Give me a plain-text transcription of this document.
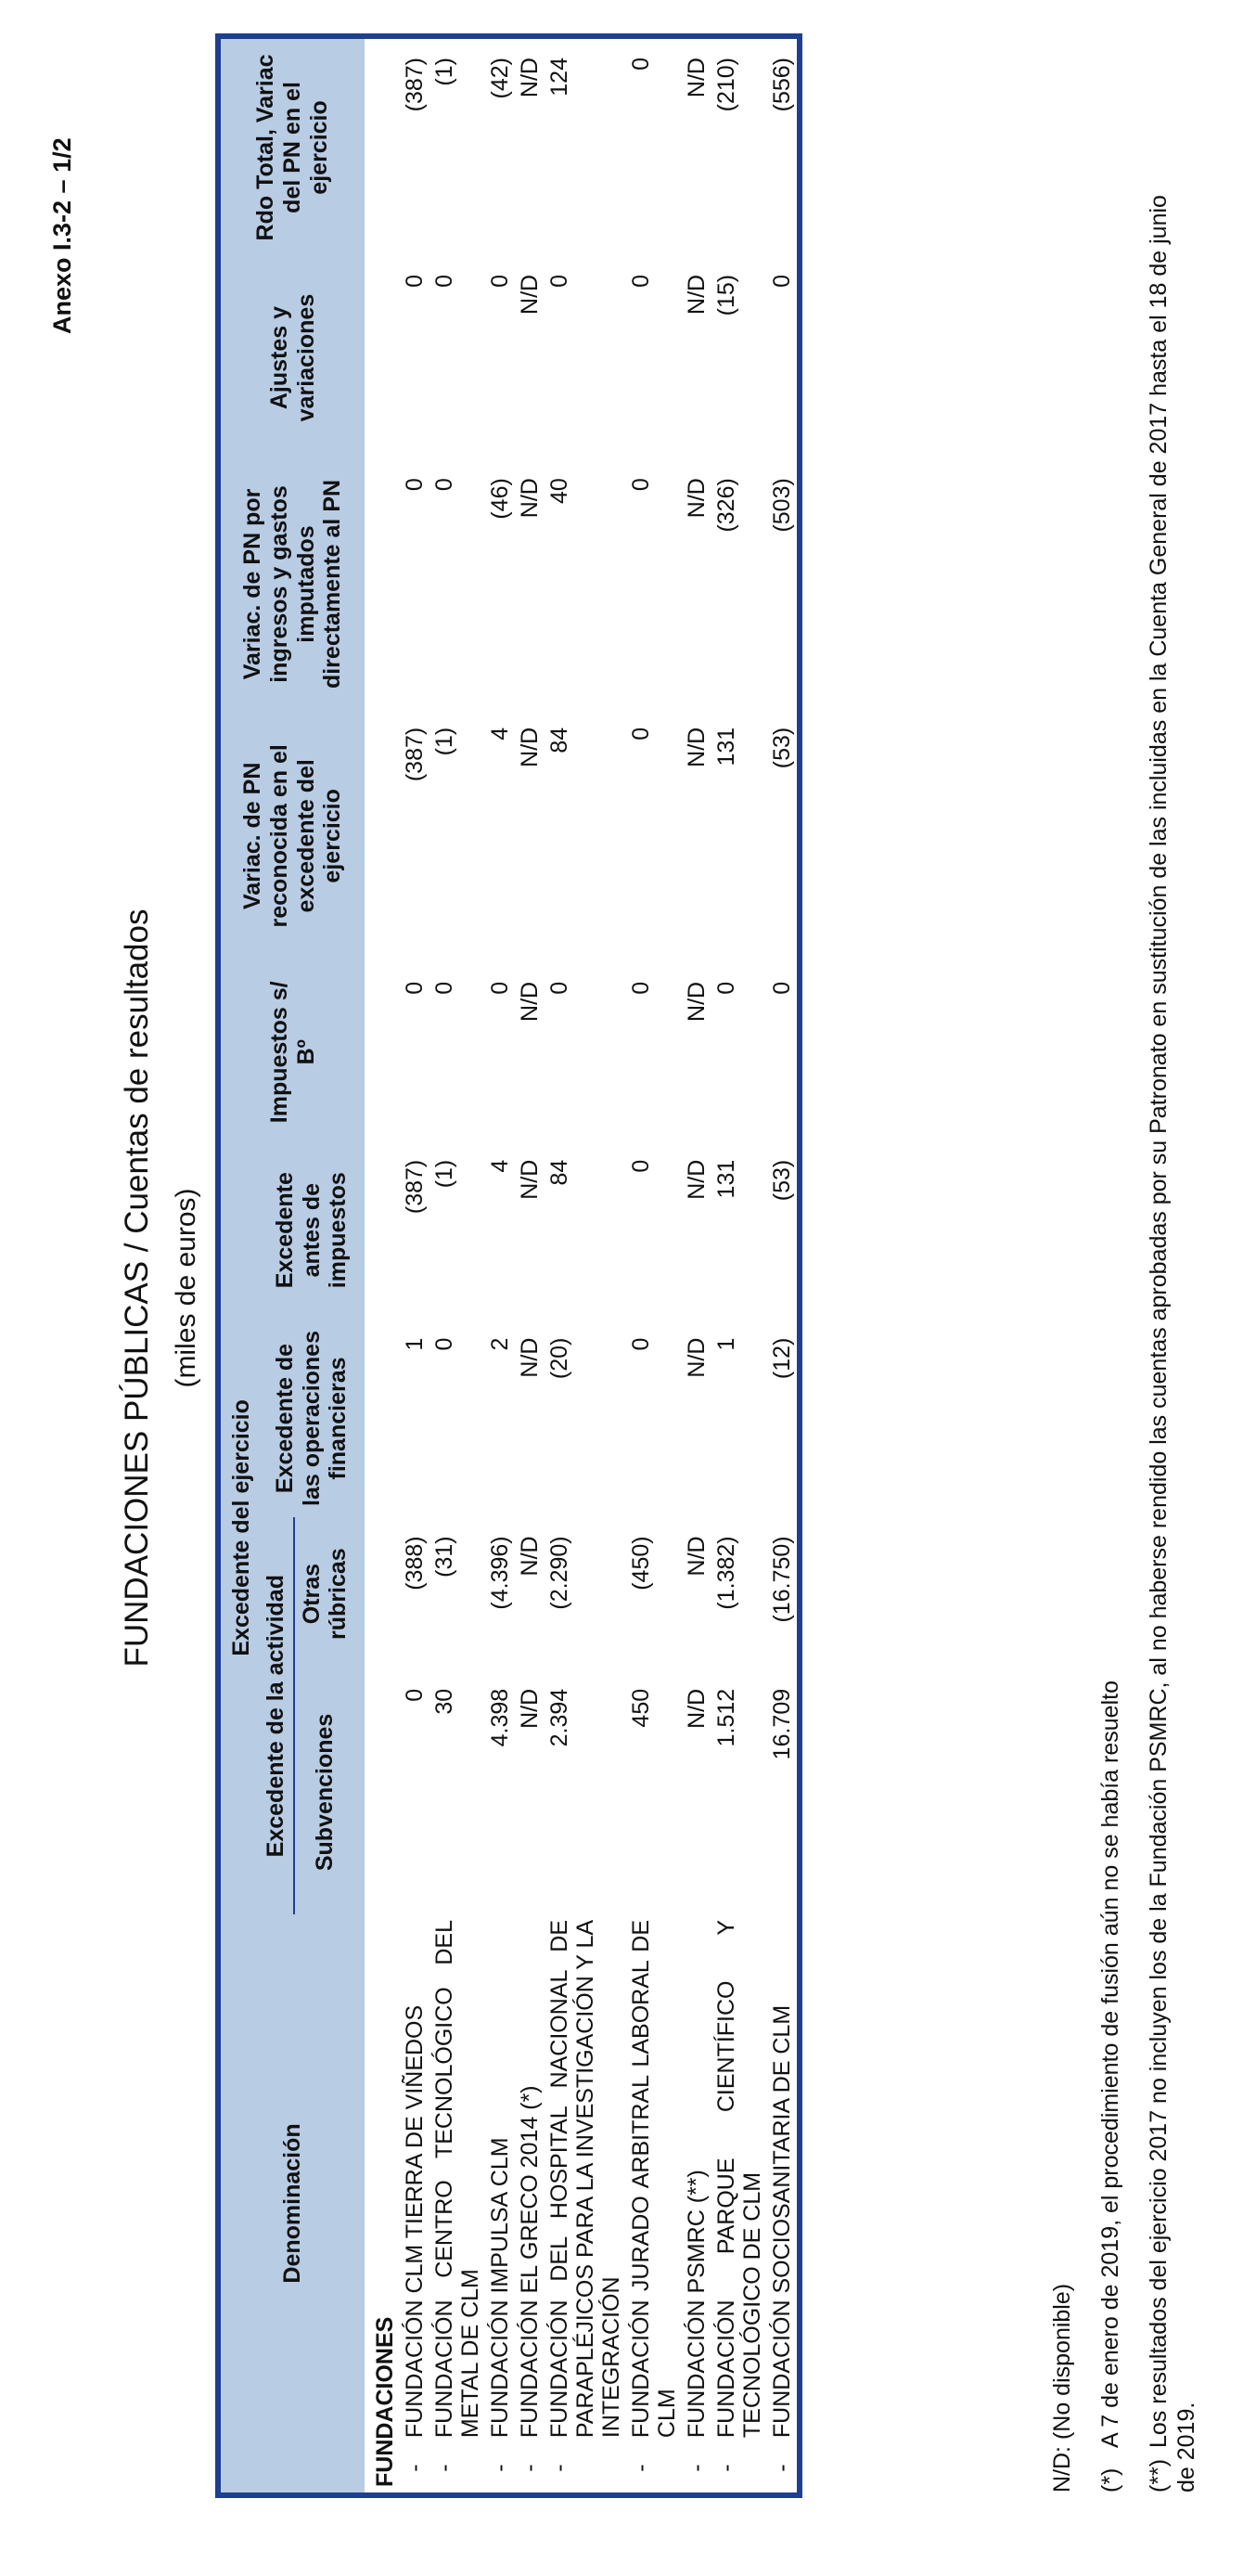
Anexo I.3-2 – 1/2
FUNDACIONES PÚBLICAS / Cuentas de resultados (miles de euros)
Denominación		Excedente del ejercicio				Impuestos s/ Bº	Variac. de PN reconocida en el excedente del ejercicio	Variac. de PN por ingresos y gastos imputados directamente al PN	Ajustes y variaciones	Rdo Total, Variac del PN en el ejercicio
		Excedente de la actividad		Excedente de las operaciones financieras	Excedente antes de impuestos					
		Subvenciones	Otras rúbricas							
FUNDACIONES										
-	FUNDACIÓN CLM TIERRA DE VIÑEDOS	0	(388)	1	(387)	0	(387)	0	0	(387)
-	FUNDACIÓN CENTRO TECNOLÓGICO DEL METAL DE CLM	30	(31)	0	(1)	0	(1)	0	0	(1)
-	FUNDACIÓN IMPULSA CLM	4.398	(4.396)	2	4	0	4	(46)	0	(42)
-	FUNDACIÓN EL GRECO 2014 (*)	N/D	N/D	N/D	N/D	N/D	N/D	N/D	N/D	N/D
-	FUNDACIÓN DEL HOSPITAL NACIONAL DE PARAPLÉJICOS PARA LA INVESTIGACIÓN Y LA INTEGRACIÓN	2.394	(2.290)	(20)	84	0	84	40	0	124
-	FUNDACIÓN JURADO ARBITRAL LABORAL DE CLM	450	(450)	0	0	0	0	0	0	0
-	FUNDACIÓN PSMRC (**)	N/D	N/D	N/D	N/D	N/D	N/D	N/D	N/D	N/D
-	FUNDACIÓN PARQUE CIENTÍFICO Y TECNOLÓGICO DE CLM	1.512	(1.382)	1	131	0	131	(326)	(15)	(210)
-	FUNDACIÓN SOCIOSANITARIA DE CLM	16.709	(16.750)	(12)	(53)	0	(53)	(503)	0	(556)
N/D: (No disponible) (*)A 7 de enero de 2019, el procedimiento de fusión aún no se había resuelto
(**)Los resultados del ejercicio 2017 no incluyen los de la Fundación PSMRC, al no haberse rendido las cuentas aprobadas por su Patronato en sustitución de las incluidas en la Cuenta General de 2017 hasta el 18 de junio de 2019.
